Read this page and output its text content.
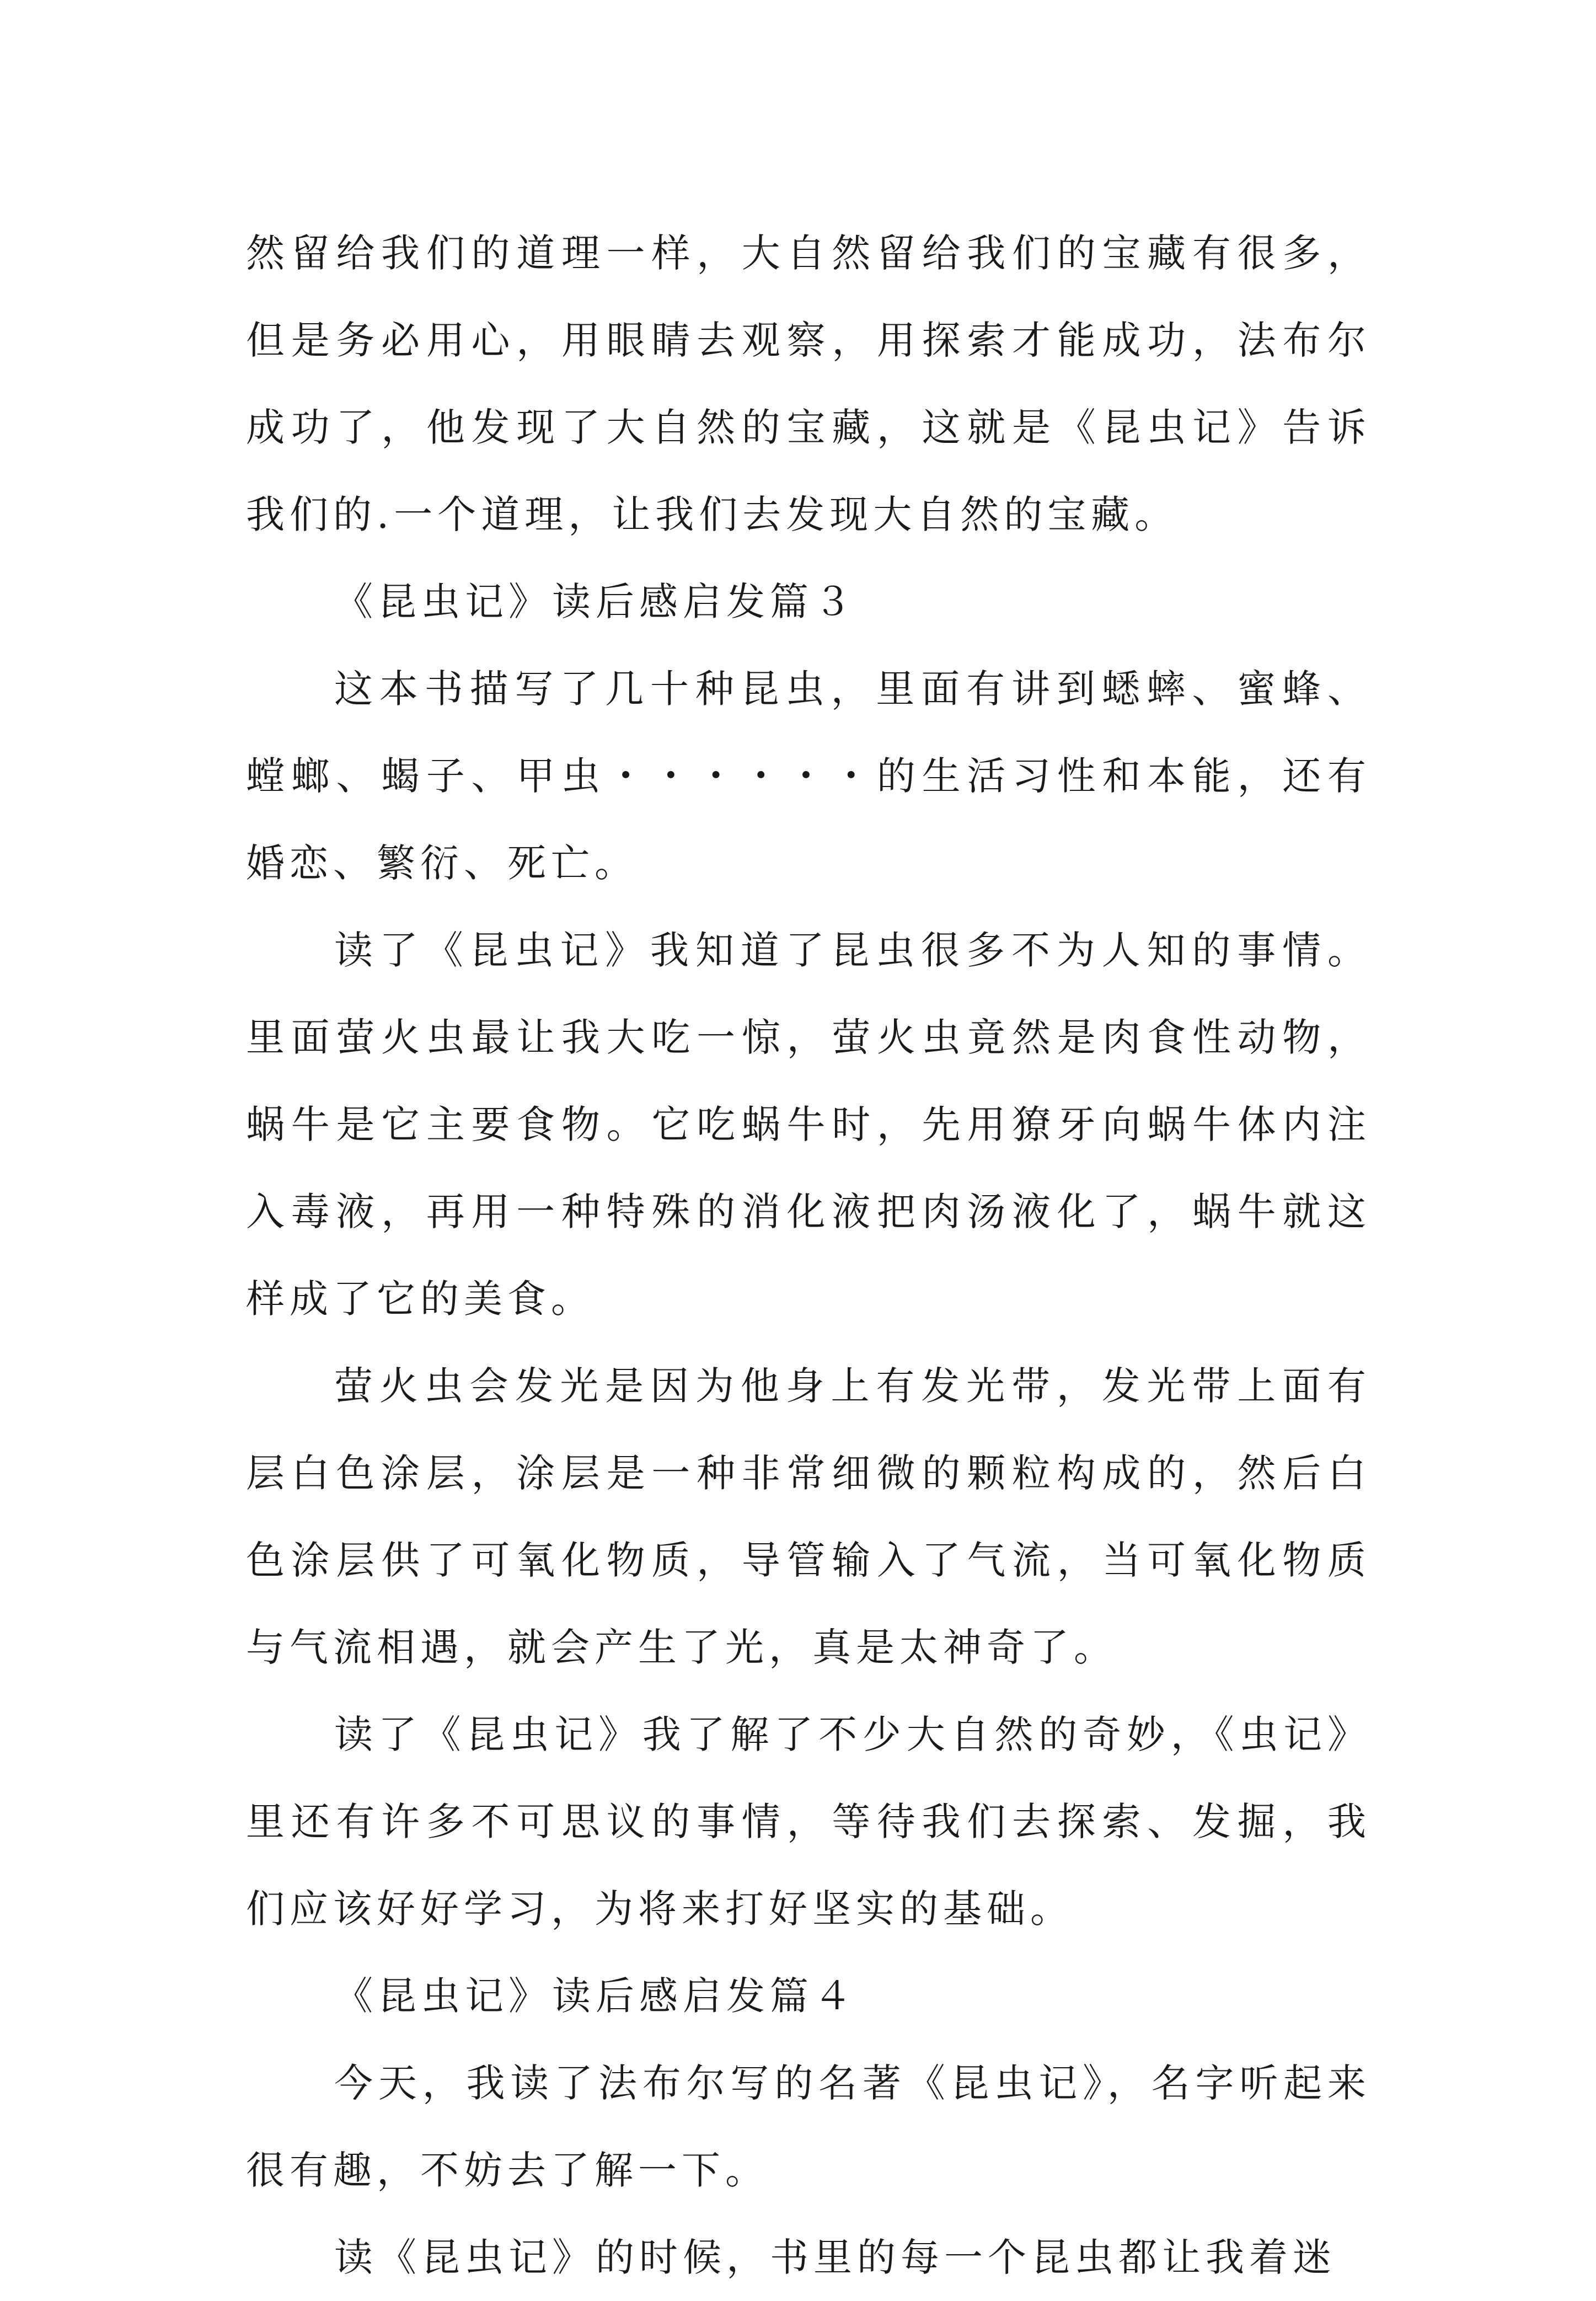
然留给我们的道理一样，大自然留给我们的宝藏有很多，但是务必用心，用眼睛去观察，用探索才能成功，法布尔成功了，他发现了大自然的宝藏，这就是《昆虫记》告诉我们的.一个道理，让我们去发现大自然的宝藏。

《昆虫记》读后感启发篇３

这本书描写了几十种昆虫，里面有讲到蟋蟀、蜜蜂、螳螂、蝎子、甲虫・・・・・・的生活习性和本能，还有婚恋、繁衍、死亡。

读了《昆虫记》我知道了昆虫很多不为人知的事情。里面萤火虫最让我大吃一惊，萤火虫竟然是肉食性动物，蜗牛是它主要食物。它吃蜗牛时，先用獠牙向蜗牛体内注入毒液，再用一种特殊的消化液把肉汤液化了，蜗牛就这样成了它的美食。

萤火虫会发光是因为他身上有发光带，发光带上面有层白色涂层，涂层是一种非常细微的颗粒构成的，然后白色涂层供了可氧化物质，导管输入了气流，当可氧化物质与气流相遇，就会产生了光，真是太神奇了。

读了《昆虫记》我了解了不少大自然的奇妙，《虫记》里还有许多不可思议的事情，等待我们去探索、发掘，我们应该好好学习，为将来打好坚实的基础。

《昆虫记》读后感启发篇４

今天，我读了法布尔写的名著《昆虫记》，名字听起来很有趣，不妨去了解一下。

读《昆虫记》的时候，书里的每一个昆虫都让我着迷
